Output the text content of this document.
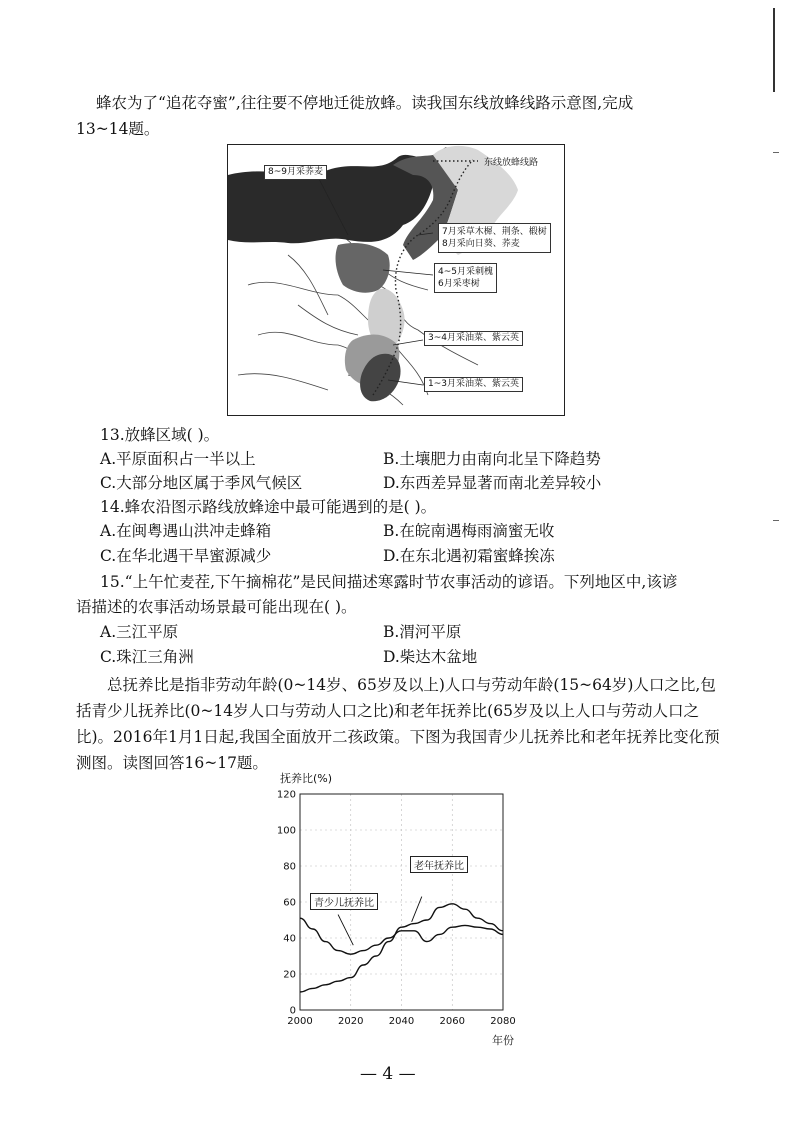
蜂农为了“追花夺蜜”,往往要不停地迁徙放蜂。读我国东线放蜂线路示意图,完成
13~14题。
东线放蜂线路
8~9月采荞麦
7月采草木樨、荆条、椴树
8月采向日葵、荞麦
4~5月采刺槐
6月采枣树
3~4月采油菜、紫云英
1~3月采油菜、紫云英
13.放蜂区域( )。
A.平原面积占一半以上	B.土壤肥力由南向北呈下降趋势
C.大部分地区属于季风气候区	D.东西差异显著而南北差异较小
14.蜂农沿图示路线放蜂途中最可能遇到的是( )。
A.在闽粤遇山洪冲走蜂箱	B.在皖南遇梅雨滴蜜无收
C.在华北遇干旱蜜源减少	D.在东北遇初霜蜜蜂挨冻
15.“上午忙麦茬,下午摘棉花”是民间描述寒露时节农事活动的谚语。下列地区中,该谚
语描述的农事活动场景最可能出现在( )。
A.三江平原	B.渭河平原
C.珠江三角洲	D.柴达木盆地
总抚养比是指非劳动年龄(0~14岁、65岁及以上)人口与劳动年龄(15~64岁)人口之比,包括青少儿抚养比(0~14岁人口与劳动人口之比)和老年抚养比(65岁及以上人口与劳动人口之比)。2016年1月1日起,我国全面放开二孩政策。下图为我国青少儿抚养比和老年抚养比变化预测图。读图回答16~17题。
抚养比(%)
0
20
40
60
80
100
120
2000	2020	2040	2060	2080
年份
青少儿抚养比
老年抚养比
— 4 —
